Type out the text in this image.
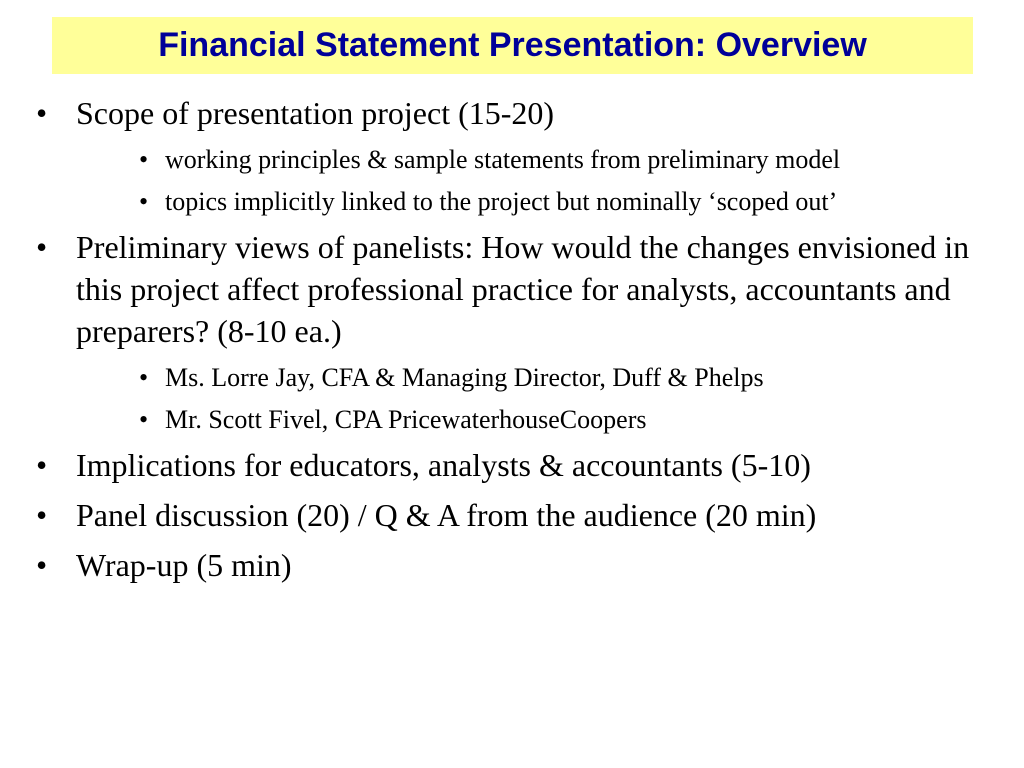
Financial Statement Presentation: Overview
• Scope of presentation project (15-20)
• working principles & sample statements from preliminary model
• topics implicitly linked to the project but nominally ‘scoped out’
• Preliminary views of panelists: How would the changes envisioned in this project affect professional practice for analysts, accountants and preparers? (8-10 ea.)
• Ms. Lorre Jay, CFA & Managing Director, Duff & Phelps
• Mr. Scott Fivel, CPA PricewaterhouseCoopers
• Implications for educators, analysts & accountants (5-10)
• Panel discussion (20) / Q & A from the audience (20 min)
• Wrap-up (5 min)
